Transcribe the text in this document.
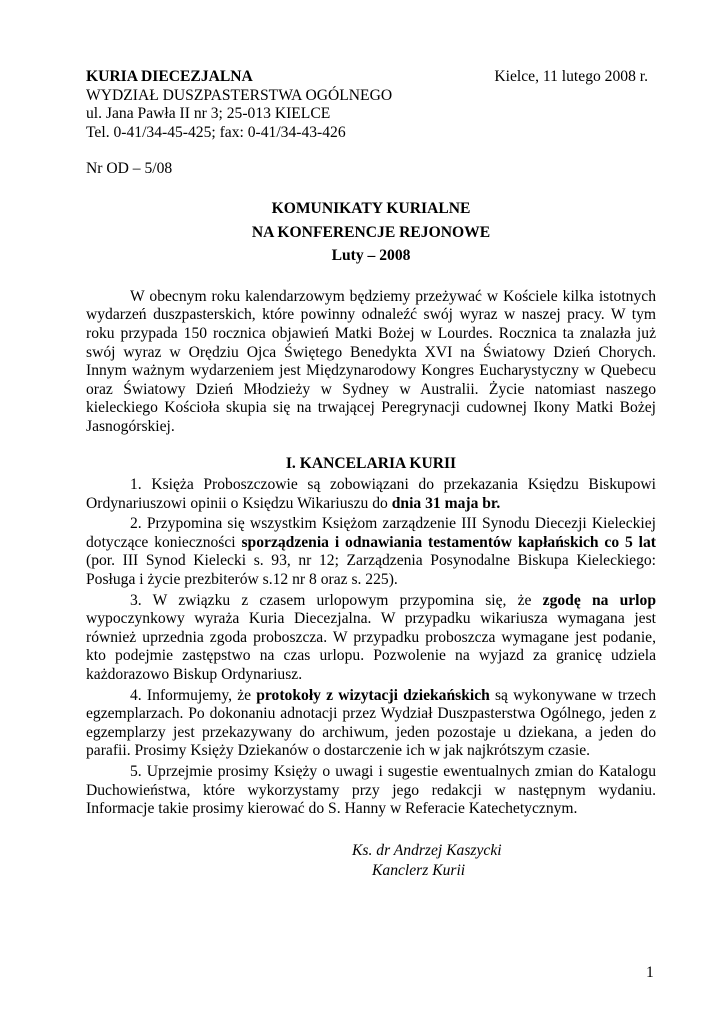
KURIA DIECEZJALNA	Kielce, 11 lutego 2008 r.
WYDZIAŁ DUSZPASTERSTWA OGÓLNEGO
ul. Jana Pawła II nr 3; 25-013 KIELCE
Tel. 0-41/34-45-425; fax: 0-41/34-43-426
Nr OD – 5/08
KOMUNIKATY KURIALNE
NA KONFERENCJE REJONOWE
Luty – 2008

W obecnym roku kalendarzowym będziemy przeżywać w Kościele kilka istotnych wydarzeń duszpasterskich, które powinny odnaleźć swój wyraz w naszej pracy. W tym roku przypada 150 rocznica objawień Matki Bożej w Lourdes. Rocznica ta znalazła już swój wyraz w Orędziu Ojca Świętego Benedykta XVI na Światowy Dzień Chorych. Innym ważnym wydarzeniem jest Międzynarodowy Kongres Eucharystyczny w Quebecu oraz Światowy Dzień Młodzieży w Sydney w Australii. Życie natomiast naszego kieleckiego Kościoła skupia się na trwającej Peregrynacji cudownej Ikony Matki Bożej Jasnogórskiej.

I. KANCELARIA KURII

1. Księża Proboszczowie są zobowiązani do przekazania Księdzu Biskupowi Ordynariuszowi opinii o Księdzu Wikariuszu do dnia 31 maja br.

2. Przypomina się wszystkim Księżom zarządzenie III Synodu Diecezji Kieleckiej dotyczące konieczności sporządzenia i odnawiania testamentów kapłańskich co 5 lat (por. III Synod Kielecki s. 93, nr 12; Zarządzenia Posynodalne Biskupa Kieleckiego: Posługa i życie prezbiterów s.12 nr 8 oraz s. 225).

3. W związku z czasem urlopowym przypomina się, że zgodę na urlop wypoczynkowy wyraża Kuria Diecezjalna. W przypadku wikariusza wymagana jest również uprzednia zgoda proboszcza. W przypadku proboszcza wymagane jest podanie, kto podejmie zastępstwo na czas urlopu. Pozwolenie na wyjazd za granicę udziela każdorazowo Biskup Ordynariusz.

4. Informujemy, że protokoły z wizytacji dziekańskich są wykonywane w trzech egzemplarzach. Po dokonaniu adnotacji przez Wydział Duszpasterstwa Ogólnego, jeden z egzemplarzy jest przekazywany do archiwum, jeden pozostaje u dziekana, a jeden do parafii. Prosimy Księży Dziekanów o dostarczenie ich w jak najkrótszym czasie.

5. Uprzejmie prosimy Księży o uwagi i sugestie ewentualnych zmian do Katalogu Duchowieństwa, które wykorzystamy przy jego redakcji w następnym wydaniu. Informacje takie prosimy kierować do S. Hanny w Referacie Katechetycznym.

Ks. dr Andrzej Kaszycki
Kanclerz Kurii
1
